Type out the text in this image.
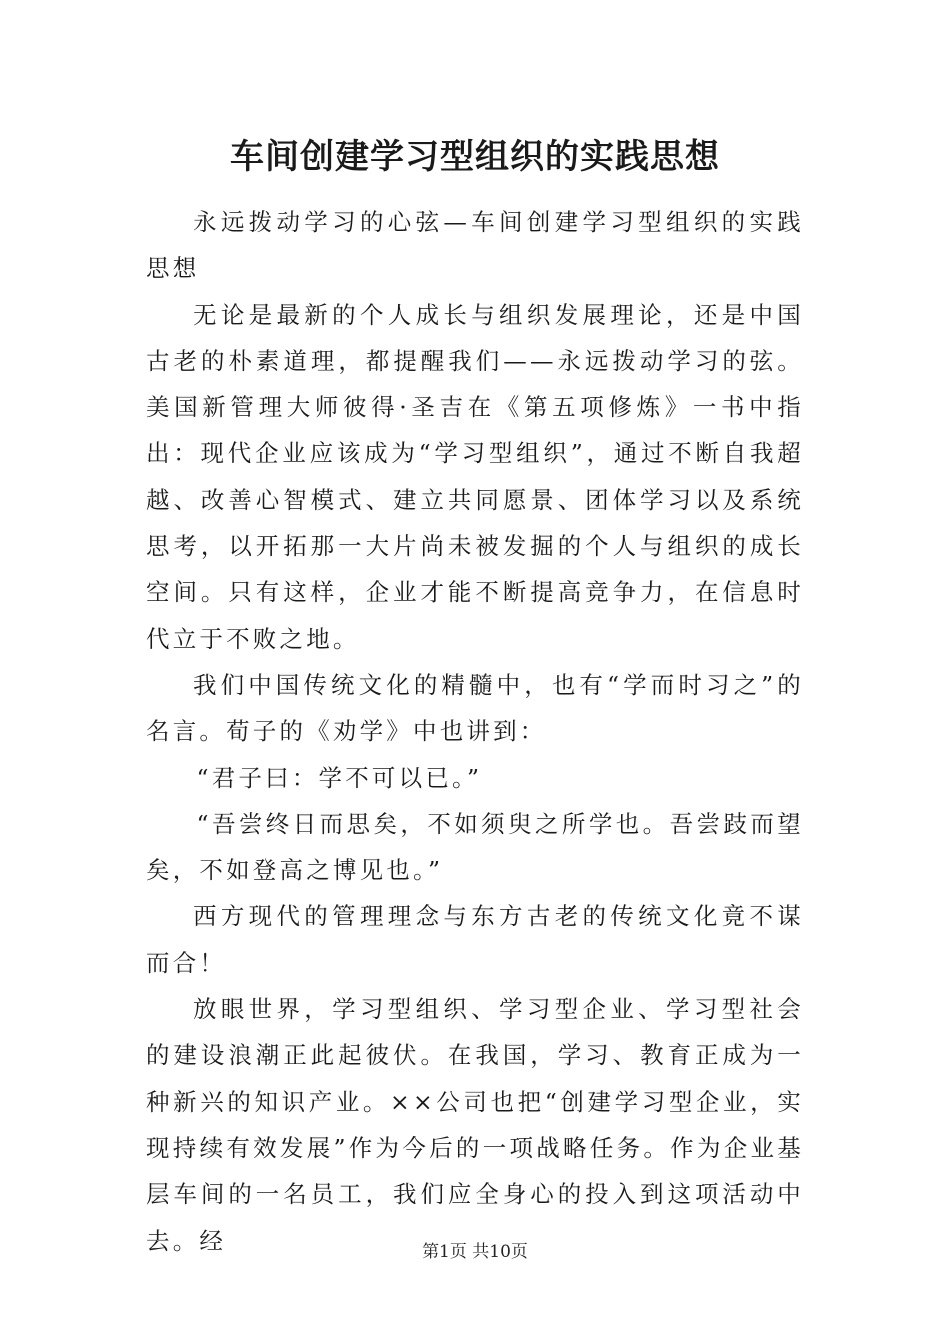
车间创建学习型组织的实践思想

永远拨动学习的心弦—车间创建学习型组织的实践思想

无论是最新的个人成长与组织发展理论，还是中国古老的朴素道理，都提醒我们——永远拨动学习的弦。美国新管理大师彼得·圣吉在《第五项修炼》一书中指出：现代企业应该成为“学习型组织”，通过不断自我超越、改善心智模式、建立共同愿景、团体学习以及系统思考，以开拓那一大片尚未被发掘的个人与组织的成长空间。只有这样，企业才能不断提高竞争力，在信息时代立于不败之地。

我们中国传统文化的精髓中，也有“学而时习之”的名言。荀子的《劝学》中也讲到：

“君子曰：学不可以已。”

“吾尝终日而思矣，不如须臾之所学也。吾尝跂而望矣，不如登高之博见也。”

西方现代的管理理念与东方古老的传统文化竟不谋而合！

放眼世界，学习型组织、学习型企业、学习型社会的建设浪潮正此起彼伏。在我国，学习、教育正成为一种新兴的知识产业。××公司也把“创建学习型企业，实现持续有效发展”作为今后的一项战略任务。作为企业基层车间的一名员工，我们应全身心的投入到这项活动中去。经	第1页 共10页
